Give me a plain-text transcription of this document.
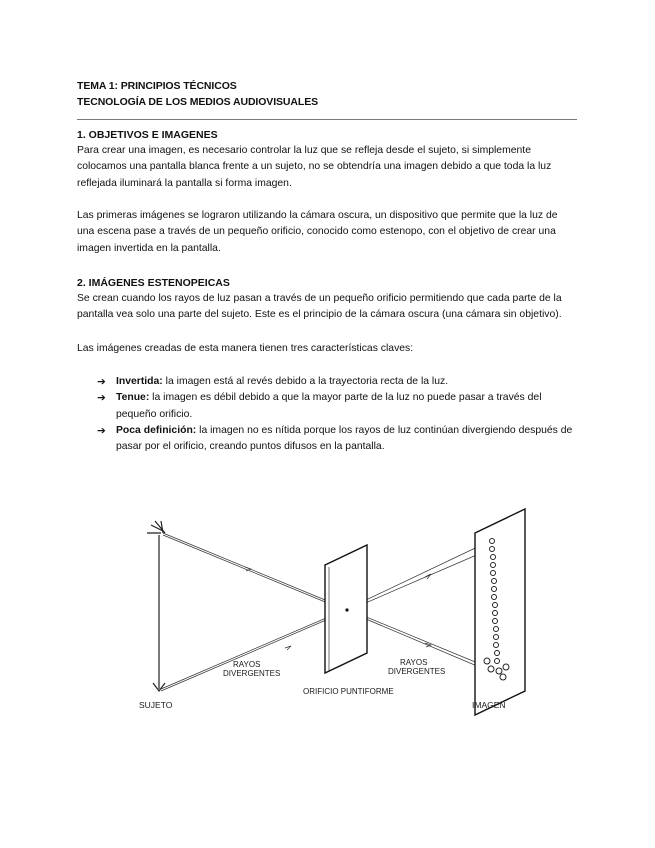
TEMA 1: PRINCIPIOS TÉCNICOS
TECNOLOGÍA DE LOS MEDIOS AUDIOVISUALES
1. OBJETIVOS E IMAGENES

Para crear una imagen, es necesario controlar la luz que se refleja desde el sujeto, si simplemente colocamos una pantalla blanca frente a un sujeto, no se obtendría una imagen debido a que toda la luz reflejada iluminará la pantalla si forma imagen.

Las primeras imágenes se lograron utilizando la cámara oscura, un dispositivo que permite que la luz de una escena pase a través de un pequeño orificio, conocido como estenopo, con el objetivo de crear una imagen invertida en la pantalla.

2. IMÁGENES ESTENOPEICAS

Se crean cuando los rayos de luz pasan a través de un pequeño orificio permitiendo que cada parte de la pantalla vea solo una parte del sujeto. Este es el principio de la cámara oscura (una cámara sin objetivo).

Las imágenes creadas de esta manera tienen tres características claves:

➔ Invertida: la imagen está al revés debido a la trayectoria recta de la luz.
➔ Tenue: la imagen es débil debido a que la mayor parte de la luz no puede pasar a través del pequeño orificio.
➔ Poca definición: la imagen no es nítida porque los rayos de luz continúan divergiendo después de pasar por el orificio, creando puntos difusos en la pantalla.
SUJETO
RAYOS
DIVERGENTES
ORIFICIO PUNTIFORME
RAYOS
DIVERGENTES
IMAGEN
